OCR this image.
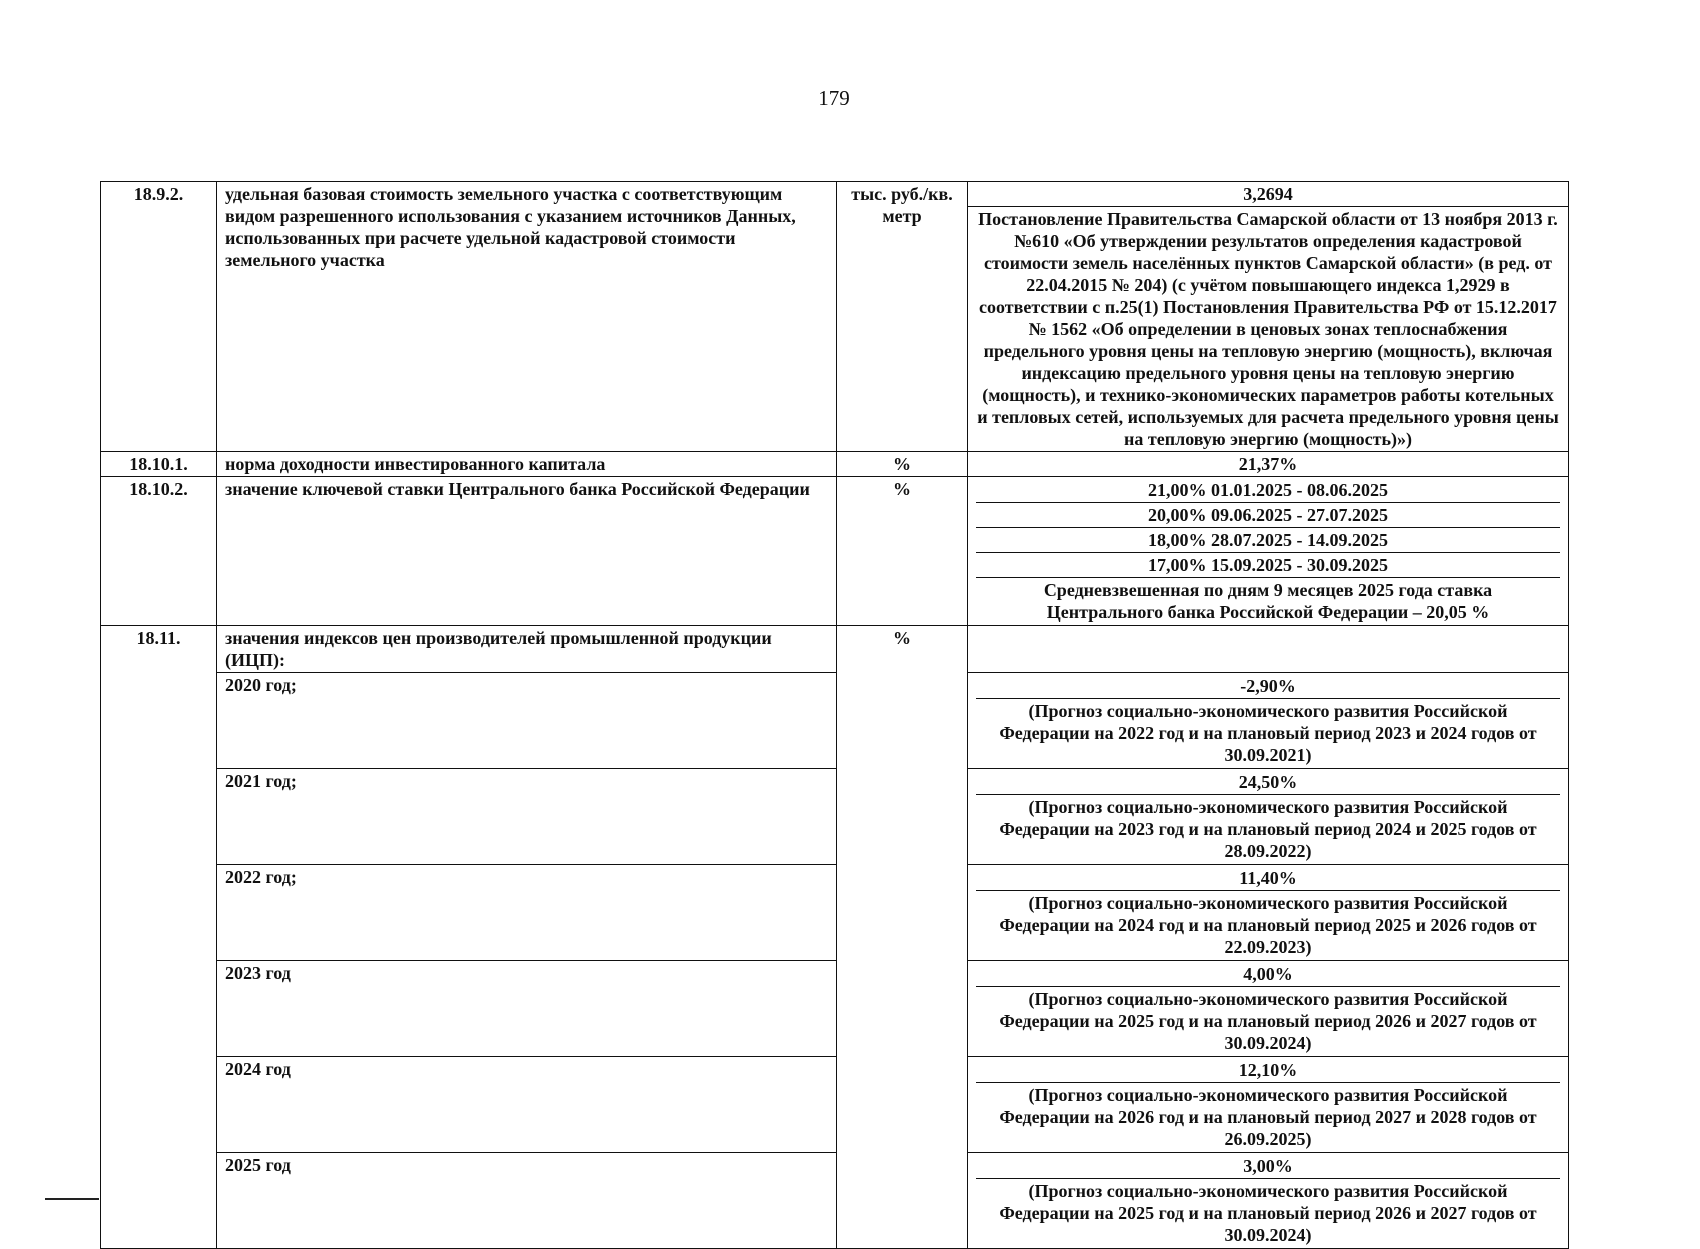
179
18.9.2.	удельная базовая стоимость земельного участка с соответствующим видом разрешенного использования с указанием источников Данных, использованных при расчете удельной кадастровой стоимости земельного участка	тыс. руб./кв. метр	3,2694
			Постановление Правительства Самарской области от 13 ноября 2013 г. №610 «Об утверждении результатов определения кадастровой стоимости земель населённых пунктов Самарской области» (в ред. от 22.04.2015 № 204) (с учётом повышающего индекса 1,2929 в соответствии с п.25(1) Постановления Правительства РФ от 15.12.2017 № 1562 «Об определении в ценовых зонах теплоснабжения предельного уровня цены на тепловую энергию (мощность), включая индексацию предельного уровня цены на тепловую энергию (мощность), и технико-экономических параметров работы котельных и тепловых сетей, используемых для расчета предельного уровня цены на тепловую энергию (мощность)»)
18.10.1.	норма доходности инвестированного капитала	%	21,37%
18.10.2.	значение ключевой ставки Центрального банка Российской Федерации	%	21,00% 01.01.2025 - 08.06.2025
20,00% 09.06.2025 - 27.07.2025
18,00% 28.07.2025 - 14.09.2025
17,00% 15.09.2025 - 30.09.2025
Средневзвешенная по дням 9 месяцев 2025 года ставка Центрального банка Российской Федерации – 20,05 %

18.11.	значения индексов цен производителей промышленной продукции (ИЦП):	%	
	2020 год;		-2,90%
(Прогноз социально-экономического развития Российской Федерации на 2022 год и на плановый период 2023 и 2024 годов от 30.09.2021)

	2021 год;		24,50%
(Прогноз социально-экономического развития Российской Федерации на 2023 год и на плановый период 2024 и 2025 годов от 28.09.2022)

	2022 год;		11,40%
(Прогноз социально-экономического развития Российской Федерации на 2024 год и на плановый период 2025 и 2026 годов от 22.09.2023)

	2023 год		4,00%
(Прогноз социально-экономического развития Российской Федерации на 2025 год и на плановый период 2026 и 2027 годов от 30.09.2024)

	2024 год		12,10%
(Прогноз социально-экономического развития Российской Федерации на 2026 год и на плановый период 2027 и 2028 годов от 26.09.2025)

	2025 год		3,00%
(Прогноз социально-экономического развития Российской Федерации на 2025 год и на плановый период 2026 и 2027 годов от 30.09.2024)
